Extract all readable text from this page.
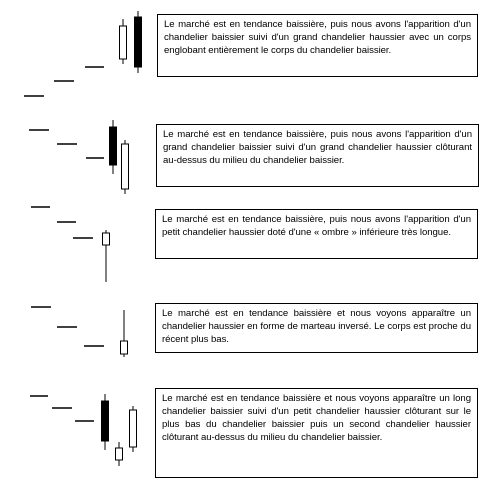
Le marché est en tendance baissière, puis nous avons l'apparition d'un chandelier baissier suivi d'un grand chandelier haussier avec un corps englobant entièrement le corps du chandelier baissier.
Le marché est en tendance baissière, puis nous avons l'apparition d'un grand chandelier baissier suivi d'un grand chandelier haussier clôturant au-dessus du milieu du chandelier baissier.
Le marché est en tendance baissière, puis nous avons l'apparition d'un petit chandelier haussier doté d'une « ombre » inférieure très longue.
Le marché est en tendance baissière et nous voyons apparaître un chandelier haussier en forme de marteau inversé. Le corps est proche du récent plus bas.
Le marché est en tendance baissière et nous voyons apparaître un long chandelier baissier suivi d'un petit chandelier haussier clôturant sur le plus bas du chandelier baissier puis un second chandelier haussier clôturant au-dessus du milieu du chandelier baissier.
